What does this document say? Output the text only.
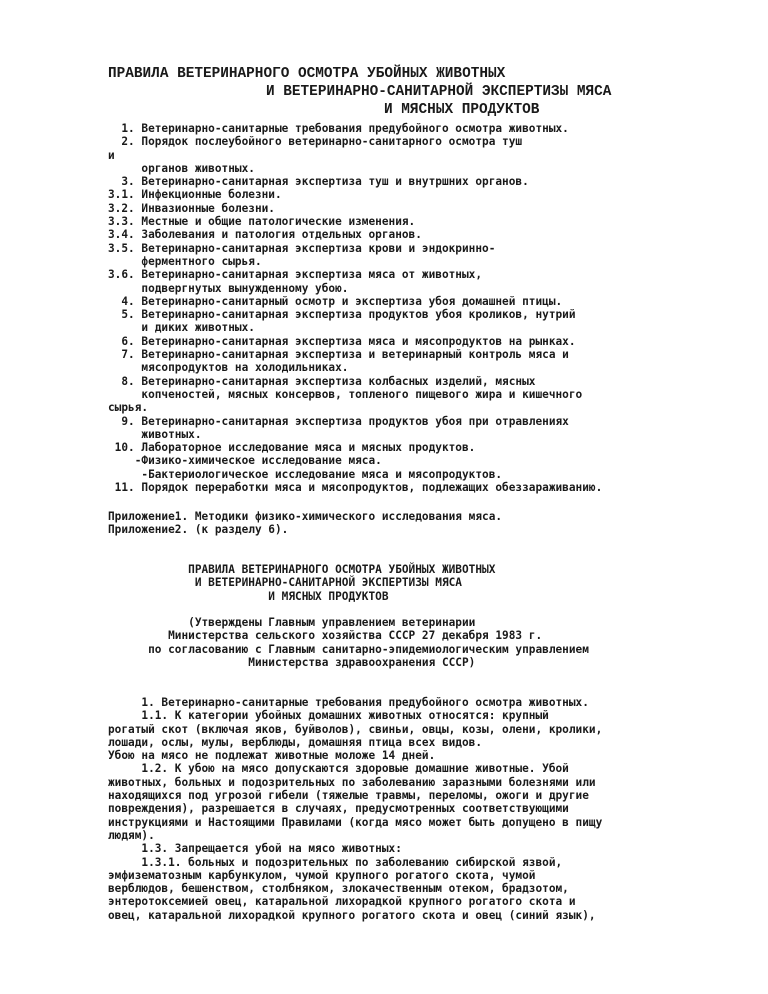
ПРАВИЛА ВЕТЕРИНАРНОГО ОСМОТРА УБОЙНЫХ ЖИВОТНЫХ

И ВЕТЕРИНАРНО-САНИТАРНОЙ ЭКСПЕРТИЗЫ МЯСА

И МЯСНЫХ ПРОДУКТОВ

1. Ветеринарно-санитарные требования предубойного осмотра животных.
2. Порядок послеубойного ветеринарно-санитарного осмотра туш
и
органов животных.
3. Ветеринарно-санитарная экспертиза туш и внутршних органов.
3.1. Инфекционные болезни.
3.2. Инвазионные болезни.
3.3. Местные и общие патологические изменения.
3.4. Заболевания и патология отдельных органов.
3.5. Ветеринарно-санитарная экспертиза крови и эндокринно-
ферментного сырья.
3.6. Ветеринарно-санитарная экспертиза мяса от животных,
подвергнутых вынужденному убою.
4. Ветеринарно-санитарный осмотр и экспертиза убоя домашней птицы.
5. Ветеринарно-санитарная экспертиза продуктов убоя кроликов, нутрий
и диких животных.
6. Ветеринарно-санитарная экспертиза мяса и мясопродуктов на рынках.
7. Ветеринарно-санитарная экспертиза и ветеринарный контроль мяса и
мясопродуктов на холодильниках.
8. Ветеринарно-санитарная экспертиза колбасных изделий, мясных
копченостей, мясных консервов, топленого пищевого жира и кишечного
сырья.
9. Ветеринарно-санитарная экспертиза продуктов убоя при отравлениях
животных.
10. Лабораторное исследование мяса и мясных продуктов.
-Физико-химическое исследование мяса.
-Бактериологическое исследование мяса и мясопродуктов.
11. Порядок переработки мяса и мясопродуктов, подлежащих обеззараживанию.
Приложение1. Методики физико-химического исследования мяса.
Приложение2. (к разделу 6).
ПРАВИЛА ВЕТЕРИНАРНОГО ОСМОТРА УБОЙНЫХ ЖИВОТНЫХ
И ВЕТЕРИНАРНО-САНИТАРНОЙ ЭКСПЕРТИЗЫ МЯСА
И МЯСНЫХ ПРОДУКТОВ
(Утверждены Главным управлением ветеринарии
Министерства сельского хозяйства СССР 27 декабря 1983 г.
по согласованию с Главным санитарно-эпидемиологическим управлением
Министерства здравоохранения СССР)
1. Ветеринарно-санитарные требования предубойного осмотра животных.
1.1. К категории убойных домашних животных относятся: крупный
рогатый скот (включая яков, буйволов), свиньи, овцы, козы, олени, кролики,
лошади, ослы, мулы, верблюды, домашняя птица всех видов.
Убою на мясо не подлежат животные моложе 14 дней.
1.2. К убою на мясо допускаются здоровые домашние животные. Убой
животных, больных и подозрительных по заболеванию заразными болезнями или
находящихся под угрозой гибели (тяжелые травмы, переломы, ожоги и другие
повреждения), разрешается в случаях, предусмотренных соответствующими
инструкциями и Настоящими Правилами (когда мясо может быть допущено в пищу
людям).
1.3. Запрещается убой на мясо животных:
1.3.1. больных и подозрительных по заболеванию сибирской язвой,
эмфизематозным карбункулом, чумой крупного рогатого скота, чумой
верблюдов, бешенством, столбняком, злокачественным отеком, брадзотом,
энтеротоксемией овец, катаральной лихорадкой крупного рогатого скота и
овец, катаральной лихорадкой крупного рогатого скота и овец (синий язык),
